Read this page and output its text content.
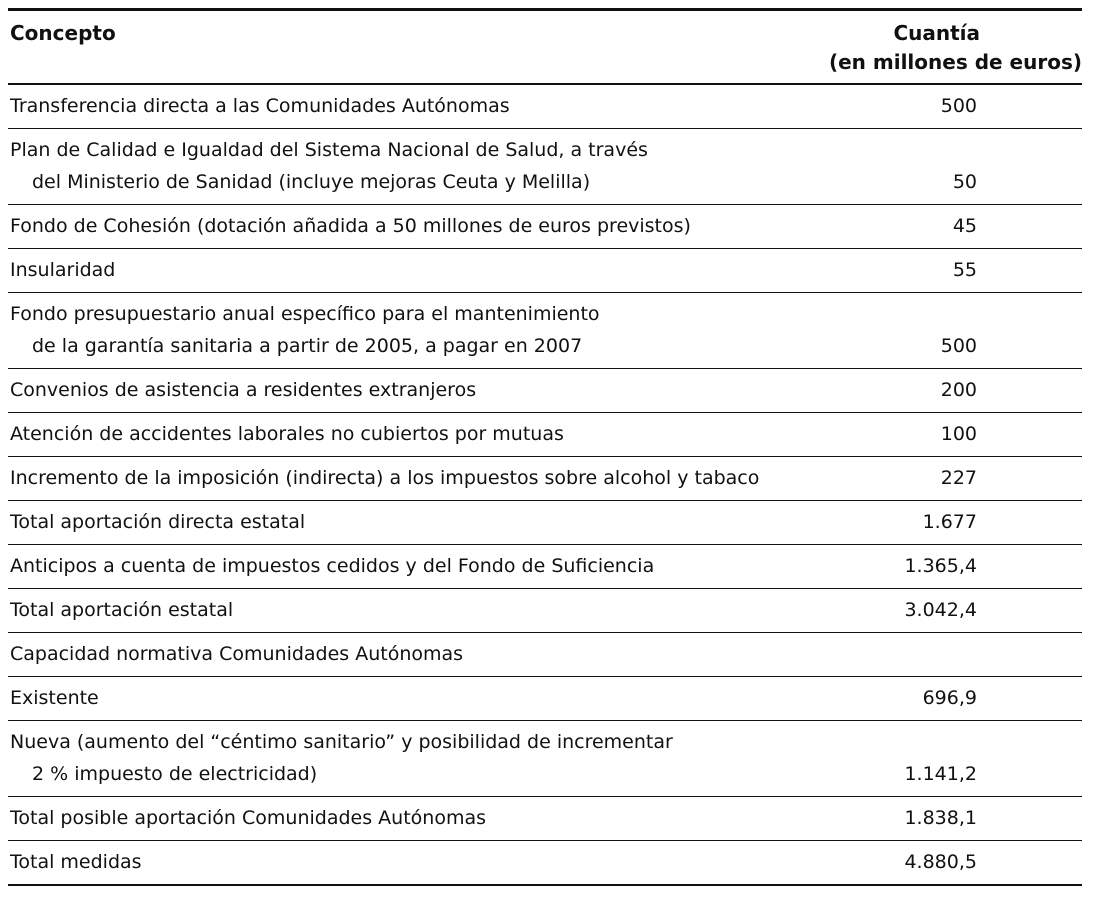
Concepto	Cuantía
(en millones de euros)

Transferencia directa a las Comunidades Autónomas	500
Plan de Calidad e Igualdad del Sistema Nacional de Salud, a través
del Ministerio de Sanidad (incluye mejoras Ceuta y Melilla)	50
Fondo de Cohesión (dotación añadida a 50 millones de euros previstos)	45
Insularidad	55
Fondo presupuestario anual específico para el mantenimiento
de la garantía sanitaria a partir de 2005, a pagar en 2007	500
Convenios de asistencia a residentes extranjeros	200
Atención de accidentes laborales no cubiertos por mutuas	100
Incremento de la imposición (indirecta) a los impuestos sobre alcohol y tabaco	227
Total aportación directa estatal	1.677
Anticipos a cuenta de impuestos cedidos y del Fondo de Suficiencia	1.365,4
Total aportación estatal	3.042,4
Capacidad normativa Comunidades Autónomas	
Existente	696,9
Nueva (aumento del “céntimo sanitario” y posibilidad de incrementar
2 % impuesto de electricidad)	1.141,2
Total posible aportación Comunidades Autónomas	1.838,1
Total medidas	4.880,5
